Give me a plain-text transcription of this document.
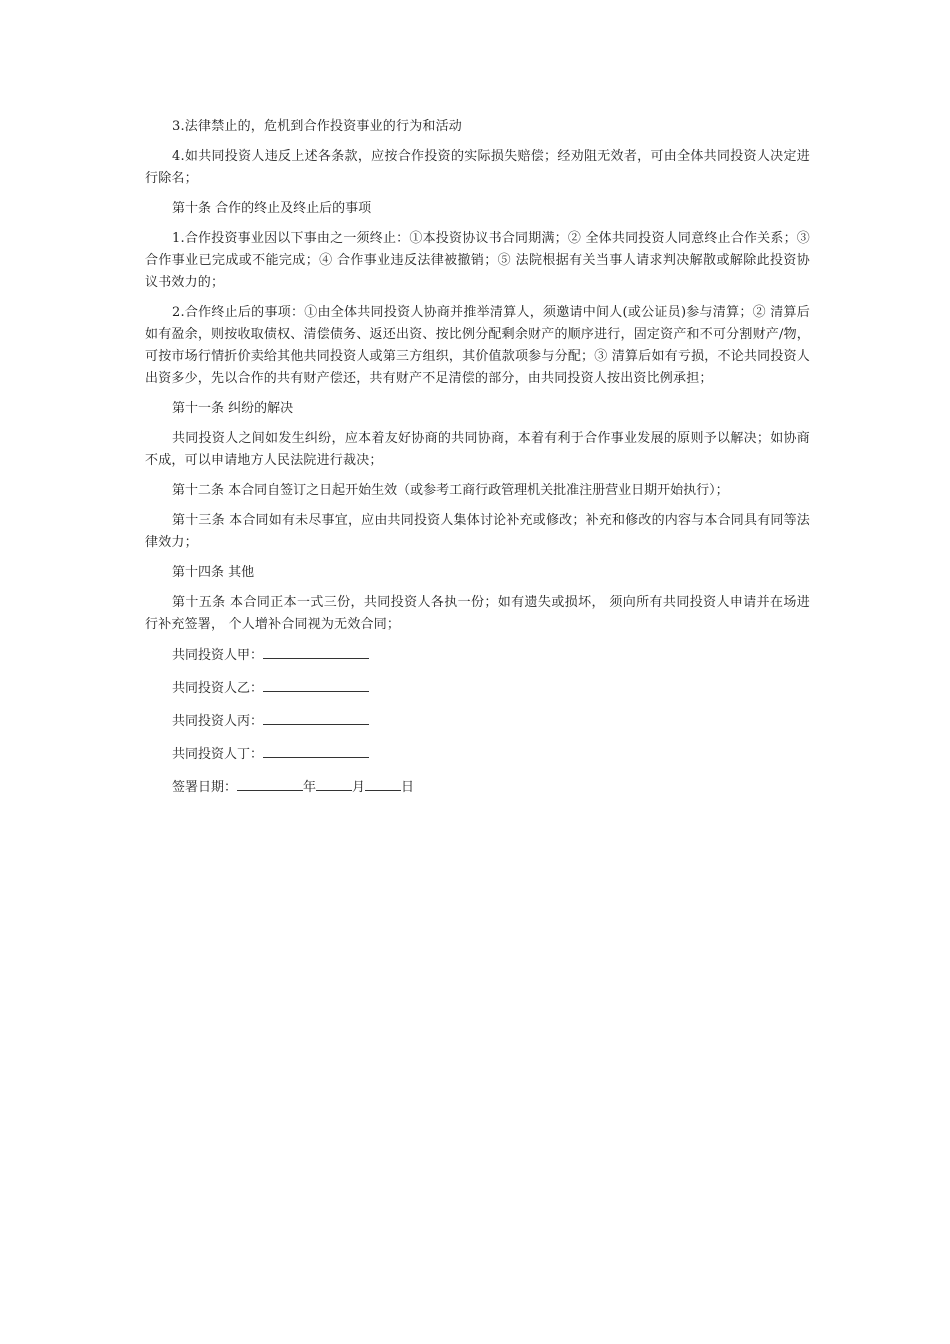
3.法律禁止的，危机到合作投资事业的行为和活动

4.如共同投资人违反上述各条款，应按合作投资的实际损失赔偿；经劝阻无效者，可由全体共同投资人决定进行除名；

第十条 合作的终止及终止后的事项

1.合作投资事业因以下事由之一须终止：①本投资协议书合同期满；② 全体共同投资人同意终止合作关系；③ 合作事业已完成或不能完成；④ 合作事业违反法律被撤销；⑤ 法院根据有关当事人请求判决解散或解除此投资协议书效力的；

2.合作终止后的事项：①由全体共同投资人协商并推举清算人，须邀请中间人(或公证员)参与清算；② 清算后如有盈余，则按收取债权、清偿债务、返还出资、按比例分配剩余财产的顺序进行，固定资产和不可分割财产/物，可按市场行情折价卖给其他共同投资人或第三方组织，其价值款项参与分配；③ 清算后如有亏损，不论共同投资人出资多少，先以合作的共有财产偿还，共有财产不足清偿的部分，由共同投资人按出资比例承担；

第十一条 纠纷的解决

共同投资人之间如发生纠纷，应本着友好协商的共同协商，本着有利于合作事业发展的原则予以解决；如协商不成，可以申请地方人民法院进行裁决；

第十二条 本合同自签订之日起开始生效（或参考工商行政管理机关批准注册营业日期开始执行）；

第十三条 本合同如有未尽事宜，应由共同投资人集体讨论补充或修改；补充和修改的内容与本合同具有同等法律效力；

第十四条 其他

第十五条 本合同正本一式三份，共同投资人各执一份；如有遗失或损坏， 须向所有共同投资人申请并在场进行补充签署， 个人增补合同视为无效合同；

共同投资人甲：
共同投资人乙：
共同投资人丙：
共同投资人丁：
签署日期：	年	月	日
